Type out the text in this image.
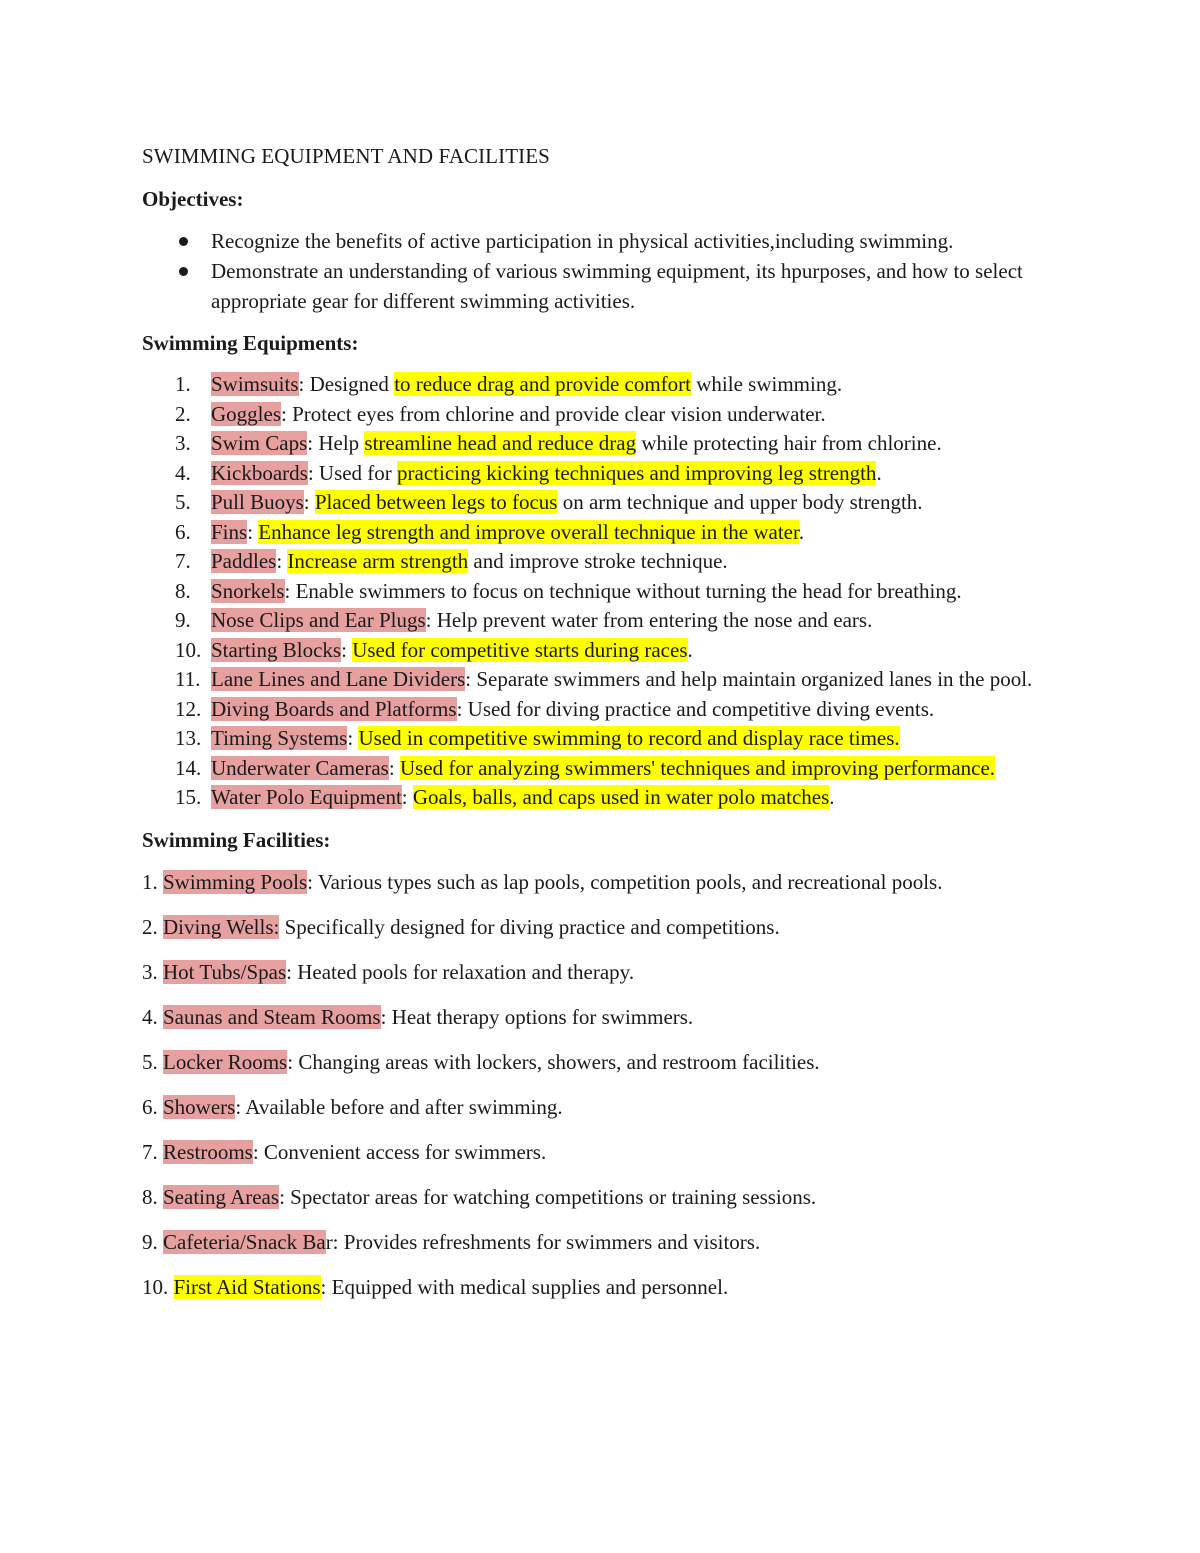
SWIMMING EQUIPMENT AND FACILITIES
Objectives:
Recognize the benefits of active participation in physical activities,including swimming.
Demonstrate an understanding of various swimming equipment, its hpurposes, and how to select appropriate gear for different swimming activities.
Swimming Equipments:
1. Swimsuits: Designed to reduce drag and provide comfort while swimming.
2. Goggles: Protect eyes from chlorine and provide clear vision underwater.
3. Swim Caps: Help streamline head and reduce drag while protecting hair from chlorine.
4. Kickboards: Used for practicing kicking techniques and improving leg strength.
5. Pull Buoys: Placed between legs to focus on arm technique and upper body strength.
6. Fins: Enhance leg strength and improve overall technique in the water.
7. Paddles: Increase arm strength and improve stroke technique.
8. Snorkels: Enable swimmers to focus on technique without turning the head for breathing.
9. Nose Clips and Ear Plugs: Help prevent water from entering the nose and ears.
10. Starting Blocks: Used for competitive starts during races.
11. Lane Lines and Lane Dividers: Separate swimmers and help maintain organized lanes in the pool.
12. Diving Boards and Platforms: Used for diving practice and competitive diving events.
13. Timing Systems: Used in competitive swimming to record and display race times.
14. Underwater Cameras: Used for analyzing swimmers' techniques and improving performance.
15. Water Polo Equipment: Goals, balls, and caps used in water polo matches.
Swimming Facilities:
1. Swimming Pools: Various types such as lap pools, competition pools, and recreational pools.
2. Diving Wells: Specifically designed for diving practice and competitions.
3. Hot Tubs/Spas: Heated pools for relaxation and therapy.
4. Saunas and Steam Rooms: Heat therapy options for swimmers.
5. Locker Rooms: Changing areas with lockers, showers, and restroom facilities.
6. Showers: Available before and after swimming.
7. Restrooms: Convenient access for swimmers.
8. Seating Areas: Spectator areas for watching competitions or training sessions.
9. Cafeteria/Snack Bar: Provides refreshments for swimmers and visitors.
10. First Aid Stations: Equipped with medical supplies and personnel.
